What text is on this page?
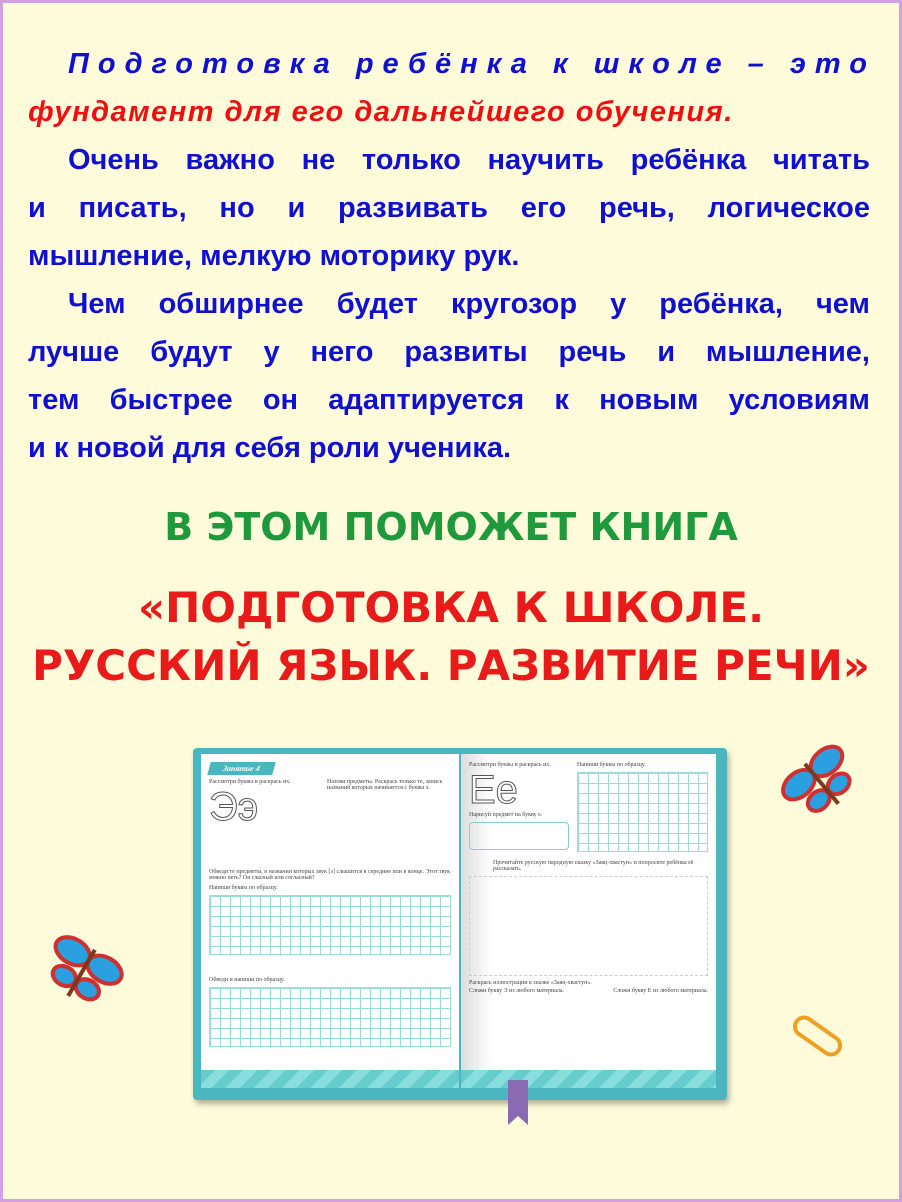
Подготовка ребёнка к школе – это
фундамент для его дальнейшего обучения.
Очень важно не только научить ребёнка читать
и писать, но и развивать его речь, логическое
мышление, мелкую моторику рук.
Чем обширнее будет кругозор у ребёнка, чем
лучше будут у него развиты речь и мышление,
тем быстрее он адаптируется к новым условиям
и к новой для себя роли ученика.
В ЭТОМ ПОМОЖЕТ КНИГА
«ПОДГОТОВКА К ШКОЛЕ.
РУССКИЙ ЯЗЫК. РАЗВИТИЕ РЕЧИ»
Занятие 4
Рассмотри буквы и раскрась их.
Ээ
Назови предметы. Раскрась только те, запись названий которых начинается с буквы э.
Обведи те предметы, в названии которых звук [э] слышится в середине или в конце. Этот звук можно петь? Он гласный или согласный?
Напиши буквы по образцу.
Обведи и напиши по образцу.
Рассмотри буквы и раскрась их.
Ее
Нарисуй предмет на букву е.
Напиши буквы по образцу.
Прочитайте русскую народную сказку «Заяц-хвастун» и попросите ребёнка её рассказать.
Раскрась иллюстрации к сказке «Заяц-хвастун».
Сложи букву Э из любого материала.	Сложи букву Е из любого материала.
